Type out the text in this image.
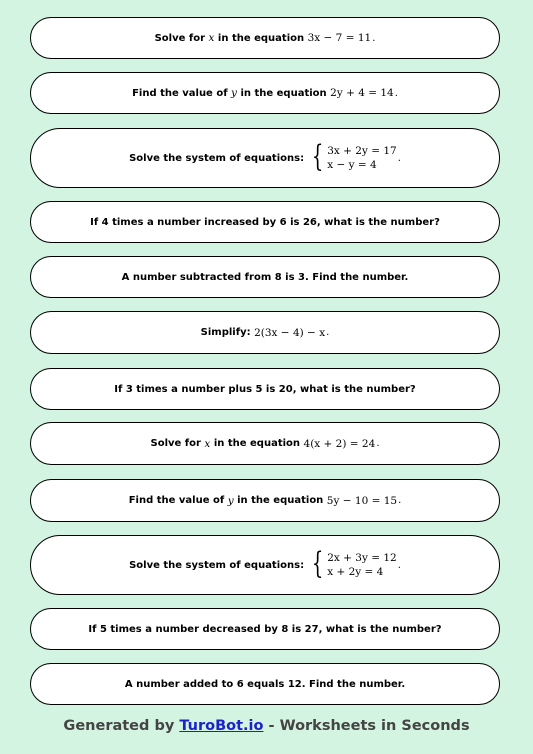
Solve for
x
in the equation
3x − 7 = 11 .
Find the value of
y
in the equation
2y + 4 = 14 .
Solve the system of equations: { 3x + 2y = 17
x − y = 4
.
If 4 times a number increased by 6 is 26, what is the number?
A number subtracted from 8 is 3. Find the number.
Simplify:
2(3x − 4) − x .
If 3 times a number plus 5 is 20, what is the number?
Solve for
x
in the equation
4(x + 2) = 24 .
Find the value of
y
in the equation
5y − 10 = 15 .
Solve the system of equations: { 2x + 3y = 12
x + 2y = 4
.
If 5 times a number decreased by 8 is 27, what is the number?
A number added to 6 equals 12. Find the number.
Generated by TuroBot.io - Worksheets in Seconds
